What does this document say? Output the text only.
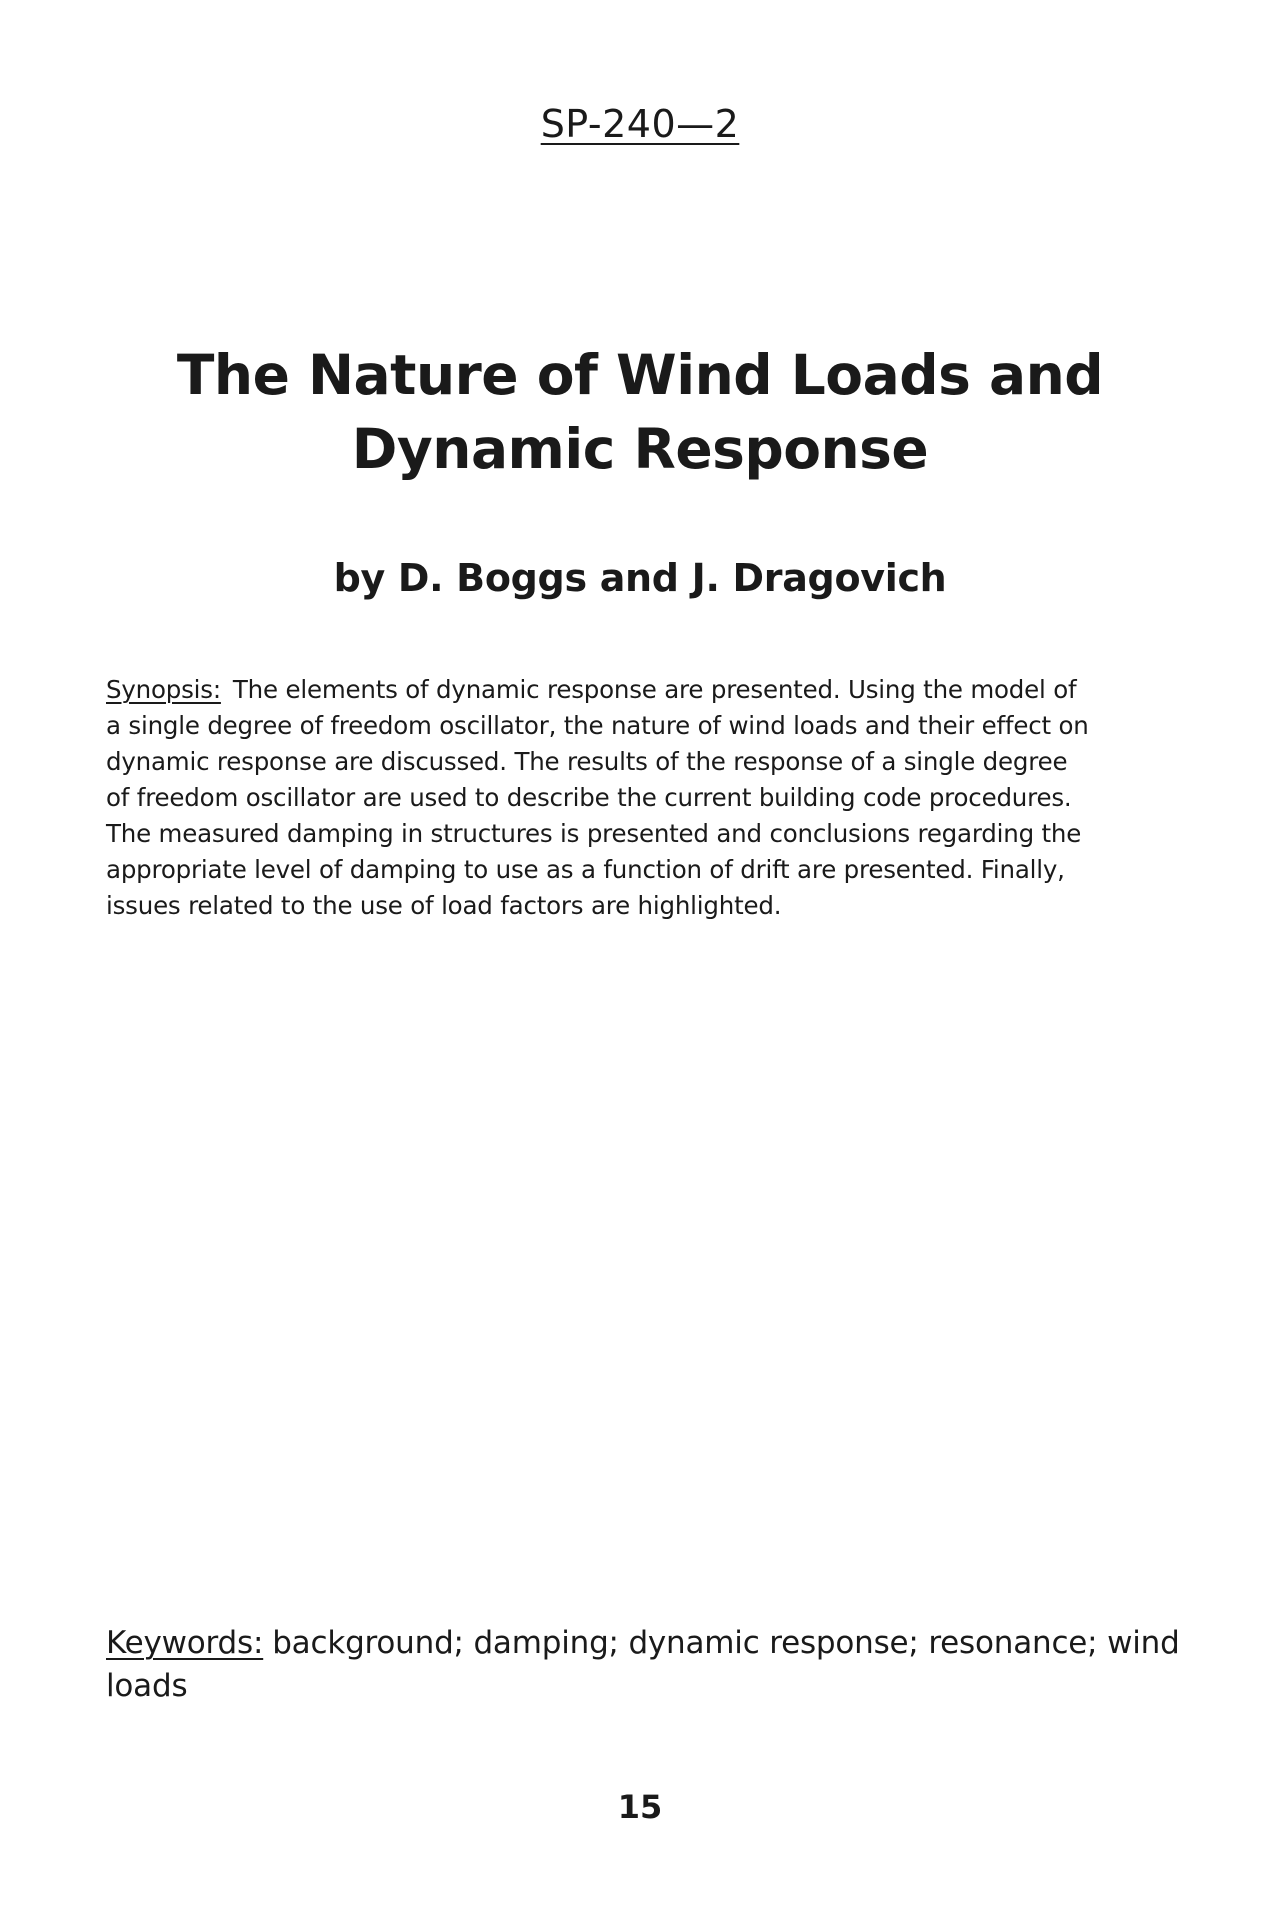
SP-240—2
The Nature of Wind Loads and
Dynamic Response
by D. Boggs and J. Dragovich
Synopsis: The elements of dynamic response are presented. Using the model of
a single degree of freedom oscillator, the nature of wind loads and their effect on
dynamic response are discussed. The results of the response of a single degree
of freedom oscillator are used to describe the current building code procedures.
The measured damping in structures is presented and conclusions regarding the
appropriate level of damping to use as a function of drift are presented. Finally,
issues related to the use of load factors are highlighted.
Keywords: background; damping; dynamic response; resonance; wind
loads
15
